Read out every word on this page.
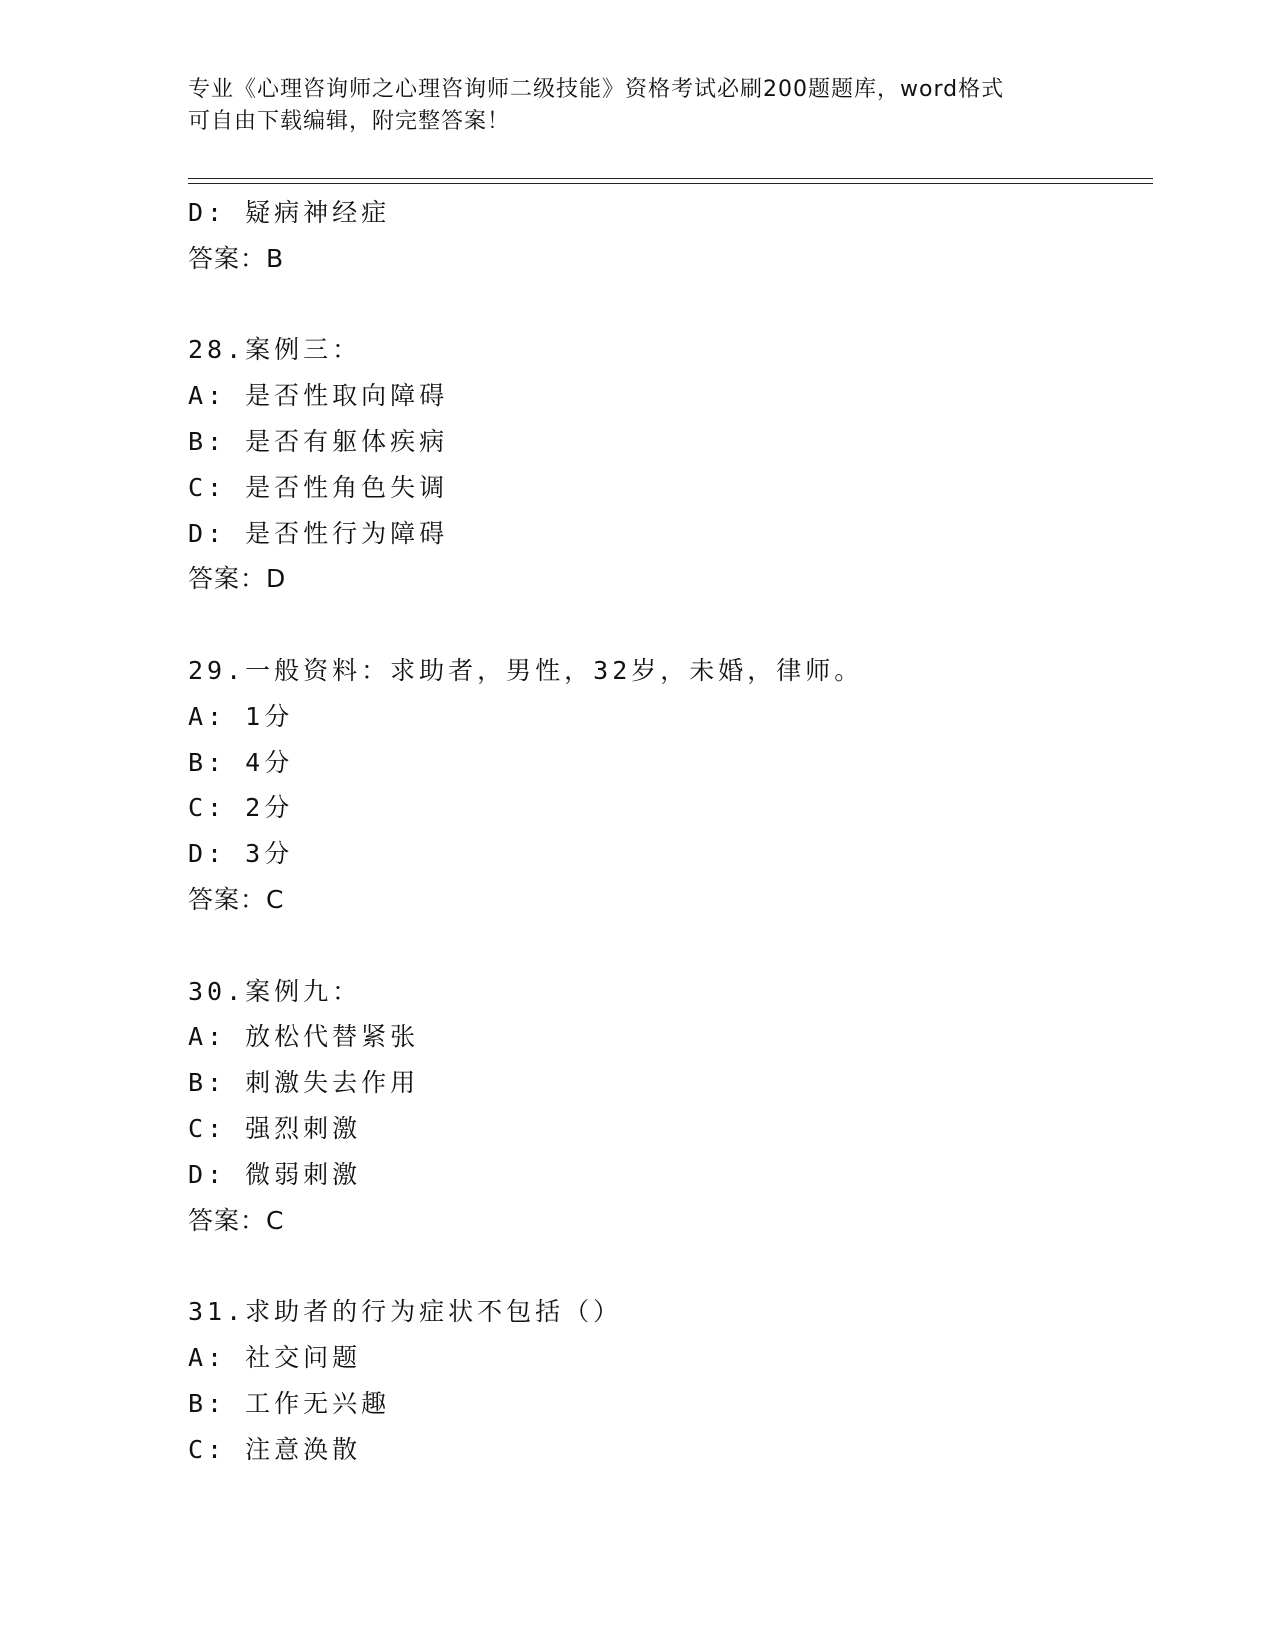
专业《心理咨询师之心理咨询师二级技能》资格考试必刷200题题库，word格式
可自由下载编辑，附完整答案！
D: 疑病神经症
答案：B
28.案例三：
A: 是否性取向障碍
B: 是否有躯体疾病
C: 是否性角色失调
D: 是否性行为障碍
答案：D
29.一般资料：求助者，男性，32岁，未婚，律师。
A: 1分
B: 4分
C: 2分
D: 3分
答案：C
30.案例九：
A: 放松代替紧张
B: 刺激失去作用
C: 强烈刺激
D: 微弱刺激
答案：C
31.求助者的行为症状不包括（）
A: 社交问题
B: 工作无兴趣
C: 注意涣散
